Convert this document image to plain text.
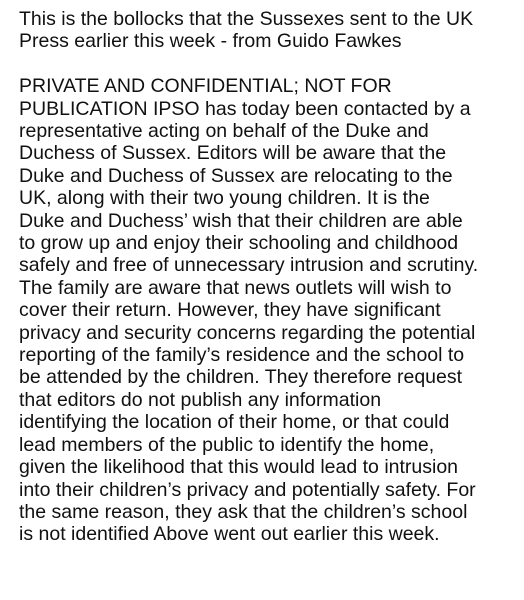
This is the bollocks that the Sussexes sent to the UK
Press earlier this week - from Guido Fawkes

PRIVATE AND CONFIDENTIAL; NOT FOR
PUBLICATION IPSO has today been contacted by a
representative acting on behalf of the Duke and
Duchess of Sussex. Editors will be aware that the
Duke and Duchess of Sussex are relocating to the
UK, along with their two young children. It is the
Duke and Duchess’ wish that their children are able
to grow up and enjoy their schooling and childhood
safely and free of unnecessary intrusion and scrutiny.
The family are aware that news outlets will wish to
cover their return. However, they have significant
privacy and security concerns regarding the potential
reporting of the family’s residence and the school to
be attended by the children. They therefore request
that editors do not publish any information
identifying the location of their home, or that could
lead members of the public to identify the home,
given the likelihood that this would lead to intrusion
into their children’s privacy and potentially safety. For
the same reason, they ask that the children’s school
is not identified Above went out earlier this week.
